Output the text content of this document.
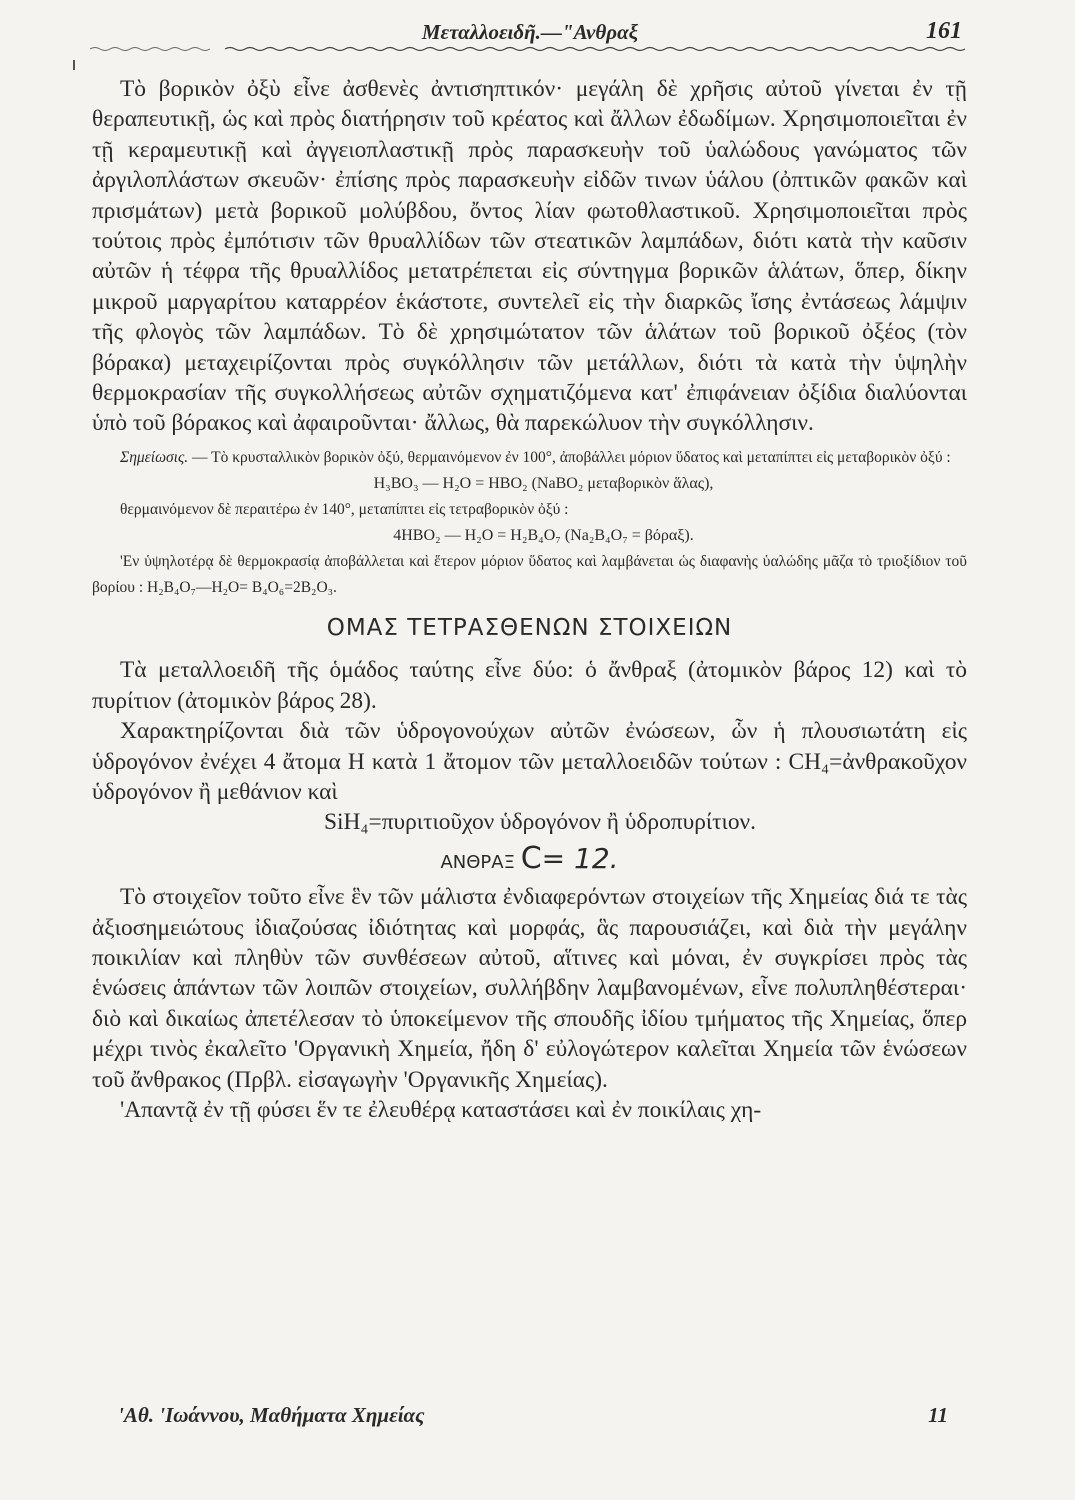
Μεταλλοειδῆ.—"Ανθραξ	161

Τὸ βορικὸν ὀξὺ εἶνε ἀσθενὲς ἀντισηπτικόν· μεγάλη δὲ χρῆσις αὐτοῦ γίνεται ἐν τῇ θεραπευτικῇ, ὡς καὶ πρὸς διατήρησιν τοῦ κρέατος καὶ ἄλλων ἐδωδίμων. Χρησιμοποιεῖται ἐν τῇ κεραμευτικῇ καὶ ἀγγειοπλαστικῇ πρὸς παρασκευὴν τοῦ ὑαλώδους γανώματος τῶν ἀργιλοπλάστων σκευῶν· ἐπίσης πρὸς παρασκευὴν εἰδῶν τινων ὑάλου (ὀπτικῶν φακῶν καὶ πρισμάτων) μετὰ βορικοῦ μολύβδου, ὄντος λίαν φωτοθλαστικοῦ. Χρησιμοποιεῖται πρὸς τούτοις πρὸς ἐμπότισιν τῶν θρυαλλίδων τῶν στεατικῶν λαμπάδων, διότι κατὰ τὴν καῦσιν αὐτῶν ἡ τέφρα τῆς θρυαλλίδος μετατρέπεται εἰς σύντηγμα βορικῶν ἁλάτων, ὅπερ, δίκην μικροῦ μαργαρίτου καταρρέον ἑκάστοτε, συντελεῖ εἰς τὴν διαρκῶς ἴσης ἐντάσεως λάμψιν τῆς φλογὸς τῶν λαμπάδων. Τὸ δὲ χρησιμώτατον τῶν ἁλάτων τοῦ βορικοῦ ὀξέος (τὸν βόρακα) μεταχειρίζονται πρὸς συγκόλλησιν τῶν μετάλλων, διότι τὰ κατὰ τὴν ὑψηλὴν θερμοκρασίαν τῆς συγκολλήσεως αὐτῶν σχηματιζόμενα κατ' ἐπιφάνειαν ὀξίδια διαλύονται ὑπὸ τοῦ βόρακος καὶ ἀφαιροῦνται· ἄλλως, θὰ παρεκώλυον τὴν συγκόλλησιν.

Σημείωσις. — Τὸ κρυσταλλικὸν βορικὸν ὀξύ, θερμαινόμενον ἐν 100°, ἀποβάλλει μόριον ὕδατος καὶ μεταπίπτει εἰς μεταβορικὸν ὀξύ :

H₃BO₃ — H₂O = HBO₂ (NaBO₂ μεταβορικὸν ἅλας),

θερμαινόμενον δὲ περαιτέρω ἐν 140°, μεταπίπτει εἰς τετραβορικὸν ὀξύ :

4HBO₂ — H₂O = H₂B₄O₇ (Na₂B₄O₇ = βόραξ).

'Εν ὑψηλοτέρᾳ δὲ θερμοκρασίᾳ ἀποβάλλεται καὶ ἕτερον μόριον ὕδατος καὶ λαμβάνεται ὡς διαφανὴς ὑαλώδης μᾶζα τὸ τριοξίδιον τοῦ βορίου : H₂B₄O₇—H₂O= B₄O₆=2B₂O₃.

ΟΜΑΣ ΤΕΤΡΑΣΘΕΝΩΝ ΣΤΟΙΧΕΙΩΝ

Τὰ μεταλλοειδῆ τῆς ὁμάδος ταύτης εἶνε δύο: ὁ ἄνθραξ (ἀτομικὸν βάρος 12) καὶ τὸ πυρίτιον (ἀτομικὸν βάρος 28).

Χαρακτηρίζονται διὰ τῶν ὑδρογονούχων αὐτῶν ἐνώσεων, ὧν ἡ πλουσιωτάτη εἰς ὑδρογόνον ἐνέχει 4 ἄτομα H κατὰ 1 ἄτομον τῶν μεταλλοειδῶν τούτων : CH₄=ἀνθρακοῦχον ὑδρογόνον ἢ μεθάνιον καὶ

SiH₄=πυριτιοῦχον ὑδρογόνον ἢ ὑδροπυρίτιον.

ΑΝΘΡΑΞ C= 12.

Τὸ στοιχεῖον τοῦτο εἶνε ἓν τῶν μάλιστα ἐνδιαφερόντων στοιχείων τῆς Χημείας διά τε τὰς ἀξιοσημειώτους ἰδιαζούσας ἰδιότητας καὶ μορφάς, ἃς παρουσιάζει, καὶ διὰ τὴν μεγάλην ποικιλίαν καὶ πληθὺν τῶν συνθέσεων αὐτοῦ, αἵτινες καὶ μόναι, ἐν συγκρίσει πρὸς τὰς ἑνώσεις ἁπάντων τῶν λοιπῶν στοιχείων, συλλήβδην λαμβανομένων, εἶνε πολυπληθέστεραι· διὸ καὶ δικαίως ἀπετέλεσαν τὸ ὑποκείμενον τῆς σπουδῆς ἰδίου τμήματος τῆς Χημείας, ὅπερ μέχρι τινὸς ἐκαλεῖτο 'Οργανικὴ Χημεία, ἤδη δ' εὐλογώτερον καλεῖται Χημεία τῶν ἑνώσεων τοῦ ἄνθρακος (Πρβλ. εἰσαγωγὴν 'Οργανικῆς Χημείας).

'Απαντᾷ ἐν τῇ φύσει ἕν τε ἐλευθέρᾳ καταστάσει καὶ ἐν ποικίλαις χη-

'Αθ. 'Ιωάννου, Μαθήματα Χημείας	11
